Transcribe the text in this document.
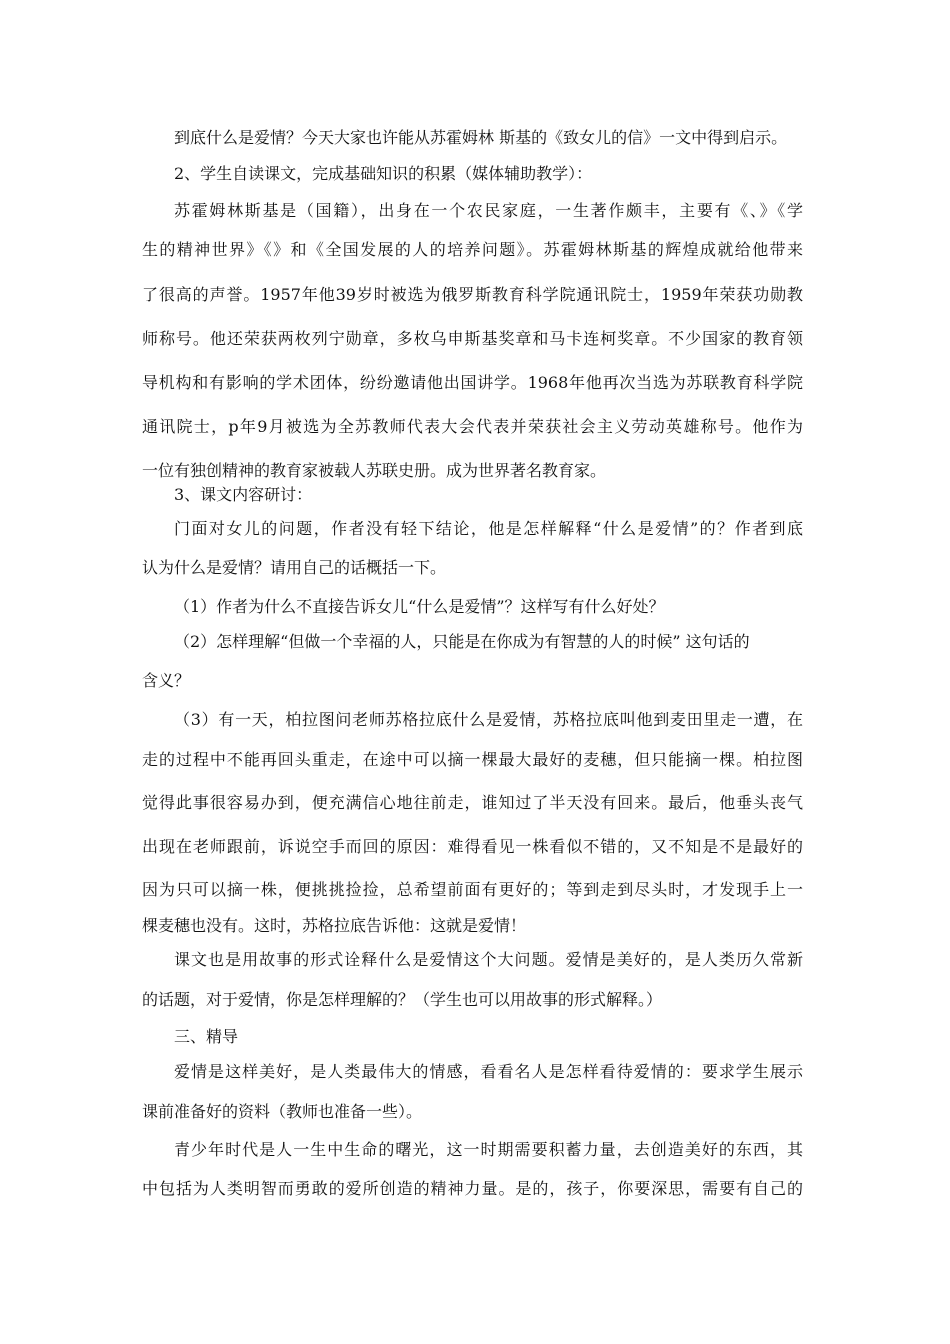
到底什么是爱情？今天大家也许能从苏霍姆林 斯基的《致女儿的信》一文中得到启示。

2、学生自读课文，完成基础知识的积累（媒体辅助教学）：

苏霍姆林斯基是（国籍），出身在一个农民家庭，一生著作颇丰，主要有《、》《学

生的精神世界》《》和《全国发展的人的培养问题》。苏霍姆林斯基的辉煌成就给他带来

了很高的声誉。1957年他39岁时被选为俄罗斯教育科学院通讯院士，1959年荣获功勋教

师称号。他还荣获两枚列宁勋章，多枚乌申斯基奖章和马卡连柯奖章。不少国家的教育领

导机构和有影响的学术团体，纷纷邀请他出国讲学。1968年他再次当选为苏联教育科学院

通讯院士，p年9月被选为全苏教师代表大会代表并荣获社会主义劳动英雄称号。他作为

一位有独创精神的教育家被载人苏联史册。成为世界著名教育家。

3、课文内容研讨：

门面对女儿的问题，作者没有轻下结论，他是怎样解释“什么是爱情”的？作者到底

认为什么是爱情？请用自己的话概括一下。

（1）作者为什么不直接告诉女儿“什么是爱情”？这样写有什么好处？

（2）怎样理解“但做一个幸福的人，只能是在你成为有智慧的人的时候” 这句话的

含义？

（3）有一天，柏拉图问老师苏格拉底什么是爱情，苏格拉底叫他到麦田里走一遭，在

走的过程中不能再回头重走，在途中可以摘一棵最大最好的麦穗，但只能摘一棵。柏拉图

觉得此事很容易办到，便充满信心地往前走，谁知过了半天没有回来。最后，他垂头丧气

出现在老师跟前，诉说空手而回的原因：难得看见一株看似不错的，又不知是不是最好的

因为只可以摘一株，便挑挑捡捡，总希望前面有更好的；等到走到尽头时，才发现手上一

棵麦穗也没有。这时，苏格拉底告诉他：这就是爱情！

课文也是用故事的形式诠释什么是爱情这个大问题。爱情是美好的，是人类历久常新

的话题，对于爱情，你是怎样理解的？（学生也可以用故事的形式解释。）

三、精导

爱情是这样美好，是人类最伟大的情感，看看名人是怎样看待爱情的：要求学生展示

课前准备好的资料（教师也准备一些）。

青少年时代是人一生中生命的曙光，这一时期需要积蓄力量，去创造美好的东西，其

中包括为人类明智而勇敢的爱所创造的精神力量。是的，孩子，你要深思，需要有自己的
